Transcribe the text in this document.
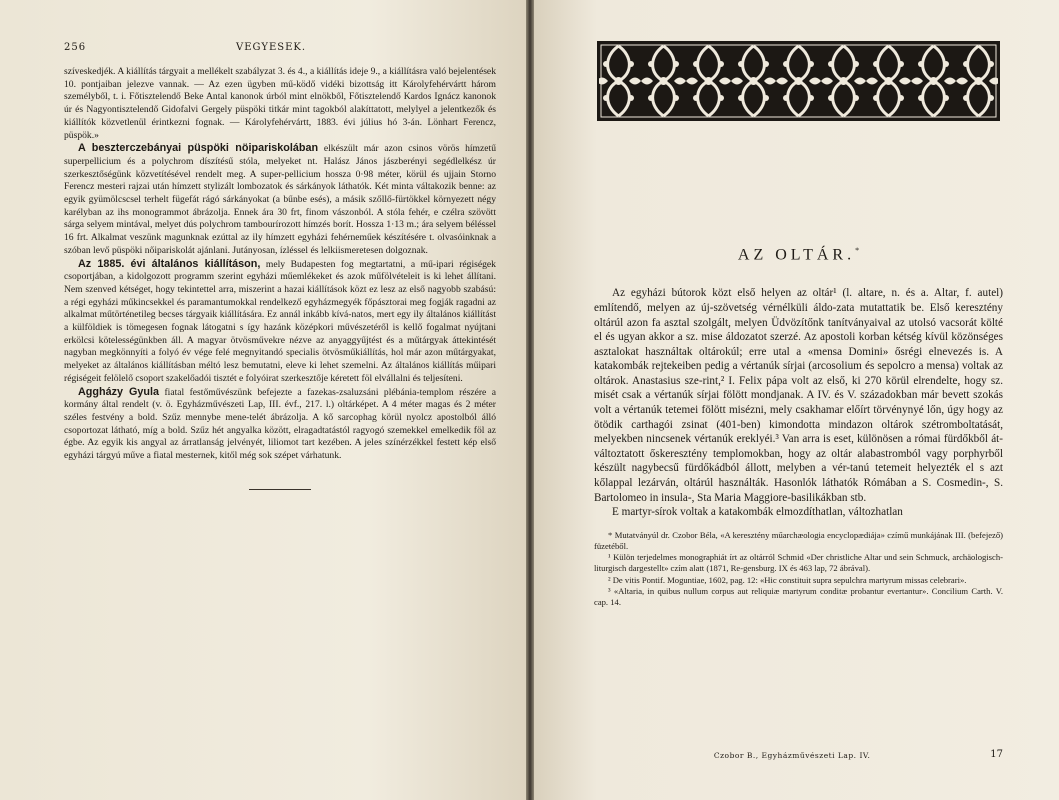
256	VEGYESEK.

szíveskedjék. A kiállítás tárgyait a mellékelt szabályzat 3. és 4., a kiállítás ideje 9., a kiállításra való bejelentések 10. pontjaiban jelezve vannak. — Az ezen ügyben mű-ködő vidéki bizottság itt Károlyfehérvártt három személyből, t. i. Főtisztelendő Beke Antal kanonok úrból mint elnökből, Főtisztelendő Kardos Ignácz kanonok úr és Nagyontisztelendő Gidofalvi Gergely püspöki titkár mint tagokból alakíttatott, melylyel a jelentkezők és kiállítók közvetlenül érintkezni fognak. — Károlyfehérvártt, 1883. évi július hó 3-án. Lönhart Ferencz, püspök.»

A beszterczebányai püspöki nöipariskolában elkészült már azon csinos vörös hímzetű superpellicium és a polychrom díszítésű stóla, melyeket nt. Halász János jászberényi segédlelkész úr szerkesztőségünk közvetítésével rendelt meg. A super-pellicium hossza 0·98 méter, körül és ujjain Storno Ferencz mesteri rajzai után hímzett stylizált lombozatok és sárkányok láthatók. Két minta váltakozik benne: az egyik gyümölcscsel terhelt fügefát rágó sárkányokat (a bűnbe esés), a másik szőllő-fürtökkel környezett négy karélyban az ihs monogrammot ábrázolja. Ennek ára 30 frt, finom vászonból. A stóla fehér, e czélra szövött sárga selyem mintával, melyet dús polychrom tambourírozott hímzés borít. Hossza 1·13 m.; ára selyem béléssel 16 frt. Alkalmat veszünk magunknak ezúttal az ily hímzett egyházi fehérneműek készítésére t. olvasóinknak a szóban levő püspöki nőipariskolát ajánlani. Jutányosan, ízléssel és lelkiismeretesen dolgoznak.

Az 1885. évi általános kiállításon, mely Budapesten fog megtartatni, a mű-ipari régiségek csoportjában, a kidolgozott programm szerint egyházi műemlékeket és azok műfölvételeit is ki lehet állítani. Nem szenved kétséget, hogy tekintettel arra, miszerint a hazai kiállítások közt ez lesz az első nagyobb szabású: a régi egyházi műkincsekkel és paramantumokkal rendelkező egyházmegyék főpásztorai meg fogják ragadni az alkalmat műtörténetileg becses tárgyaik kiállítására. Ez annál inkább kívá-natos, mert egy ily általános kiállítást a külföldiek is tömegesen fognak látogatni s így hazánk középkori művészetéről is kellő fogalmat nyújtani erkölcsi kötelességünkben áll. A magyar ötvösművekre nézve az anyaggyűjtést és a műtárgyak áttekintését nagyban megkönnyíti a folyó év vége felé megnyitandó specialis ötvösműkiállítás, hol már azon műtárgyakat, melyeket az általános kiállításban méltó lesz bemutatni, eleve ki lehet szemelni. Az általános kiállítás műipari régiségeit felölelő csoport szakelőadói tisztét e folyóirat szerkesztője kéretett föl elvállalni és teljesíteni.

Aggházy Gyula fiatal festőművészünk befejezte a fazekas-zsaluzsáni plébánia-templom részére a kormány által rendelt (v. ö. Egyházművészeti Lap, III. évf., 217. l.) oltárképet. A 4 méter magas és 2 méter széles festvény a bold. Szűz mennybe mene-telét ábrázolja. A kő sarcophag körül nyolcz apostolból álló csoportozat látható, míg a bold. Szűz hét angyalka között, elragadtatástól ragyogó szemekkel emelkedik föl az égbe. Az egyik kis angyal az árratlanság jelvényét, liliomot tart kezében. A jeles színérzékkel festett kép első egyházi tárgyú műve a fiatal mesternek, kitől még sok szépet várhatunk.

AZ OLTÁR.*

Az egyházi bútorok közt első helyen az oltár¹ (l. altare, n. és a. Altar, f. autel) említendő, melyen az új-szövetség vérnélküli áldo-zata mutattatik be. Első keresztény oltárúl azon fa asztal szolgált, melyen Üdvözítőnk tanítványaival az utolsó vacsorát költé el és ugyan akkor a sz. mise áldozatot szerzé. Az apostoli korban kétség kívül közönséges asztalokat használtak oltárokúl; erre utal a «mensa Domini» ősrégi elnevezés is. A katakombák rejtekeiben pedig a vértanúk sírjai (arcosolium és sepolcro a mensa) voltak az oltárok. Anastasius sze-rint,² I. Felix pápa volt az első, ki 270 körül elrendelte, hogy sz. misét csak a vértanúk sírjai fölött mondjanak. A IV. és V. századokban már bevett szokás volt a vértanúk tetemei fölött misézni, mely csakhamar előírt törvénynyé lőn, úgy hogy az ötödik carthagói zsinat (401-ben) kimondotta mindazon oltárok szétromboltatását, melyekben nincsenek vértanúk ereklyéi.³ Van arra is eset, különösen a római fürdőkből át-változtatott őskeresztény templomokban, hogy az oltár alabastromból vagy porphyrből készült nagybecsű fürdőkádból állott, melyben a vér-tanú tetemeit helyezték el s azt kőlappal lezárván, oltárúl használták. Hasonlók láthatók Rómában a S. Cosmedin-, S. Bartolomeo in insula-, Sta Maria Maggiore-basilikákban stb.

E martyr-sírok voltak a katakombák elmozdíthatlan, változhatlan

* Mutatványúl dr. Czobor Béla, «A keresztény műarchæologia encyclopædiája» czímű munkájának III. (befejező) füzetéből.

¹ Külön terjedelmes monographiát írt az oltárról Schmid «Der christliche Altar und sein Schmuck, archäologisch-liturgisch dargestellt» czím alatt (1871, Re-gensburg. IX és 463 lap, 72 ábrával).

² De vitis Pontif. Moguntiae, 1602, pag. 12: «Hic constituit supra sepulchra martyrum missas celebrari».

³ «Altaria, in quibus nullum corpus aut reliquiæ martyrum conditæ probantur evertantur». Concilium Carth. V. cap. 14.

Czobor B., Egyházművészeti Lap. IV.	17
